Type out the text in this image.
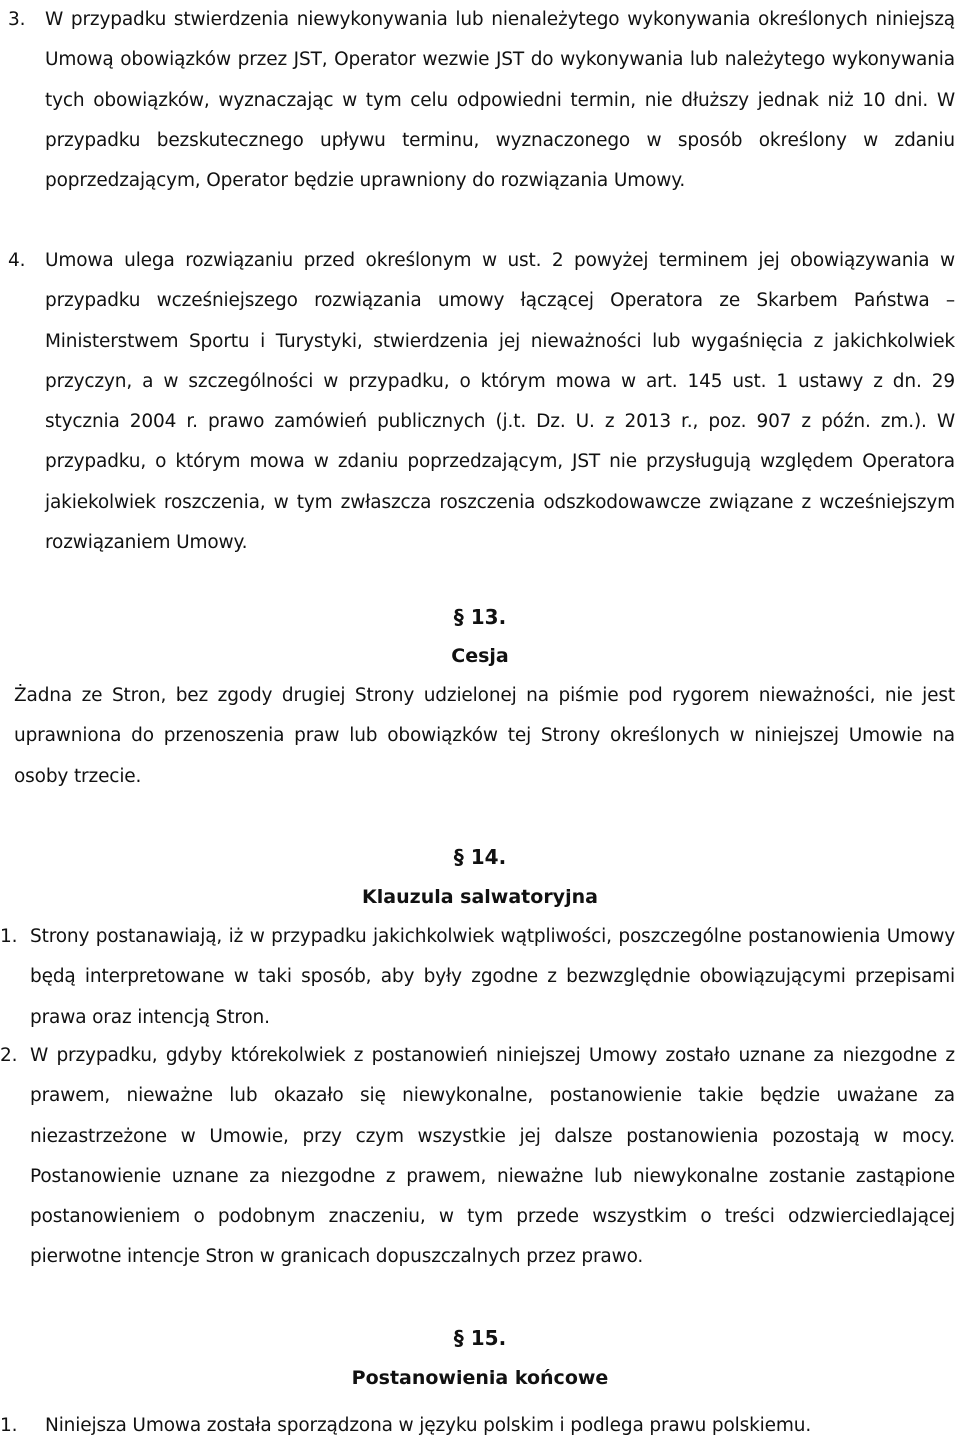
3. W przypadku stwierdzenia niewykonywania lub nienależytego wykonywania określonych niniejszą Umową obowiązków przez JST, Operator wezwie JST do wykonywania lub należytego wykonywania tych obowiązków, wyznaczając w tym celu odpowiedni termin, nie dłuższy jednak niż 10 dni. W przypadku bezskutecznego upływu terminu, wyznaczonego w sposób określony w zdaniu poprzedzającym, Operator będzie uprawniony do rozwiązania Umowy.
4. Umowa ulega rozwiązaniu przed określonym w ust. 2 powyżej terminem jej obowiązywania w przypadku wcześniejszego rozwiązania umowy łączącej Operatora ze Skarbem Państwa – Ministerstwem Sportu i Turystyki, stwierdzenia jej nieważności lub wygaśnięcia z jakichkolwiek przyczyn, a w szczególności w przypadku, o którym mowa w art. 145 ust. 1 ustawy z dn. 29 stycznia 2004 r. prawo zamówień publicznych (j.t. Dz. U. z 2013 r., poz. 907 z późn. zm.). W przypadku, o którym mowa w zdaniu poprzedzającym, JST nie przysługują względem Operatora jakiekolwiek roszczenia, w tym zwłaszcza roszczenia odszkodowawcze związane z wcześniejszym rozwiązaniem Umowy.
§ 13.
Cesja
Żadna ze Stron, bez zgody drugiej Strony udzielonej na piśmie pod rygorem nieważności, nie jest uprawniona do przenoszenia praw lub obowiązków tej Strony określonych w niniejszej Umowie na osoby trzecie.
§ 14.
Klauzula salwatoryjna
1. Strony postanawiają, iż w przypadku jakichkolwiek wątpliwości, poszczególne postanowienia Umowy będą interpretowane w taki sposób, aby były zgodne z bezwzględnie obowiązującymi przepisami prawa oraz intencją Stron.
2. W przypadku, gdyby którekolwiek z postanowień niniejszej Umowy zostało uznane za niezgodne z prawem, nieważne lub okazało się niewykonalne, postanowienie takie będzie uważane za niezastrzeżone w Umowie, przy czym wszystkie jej dalsze postanowienia pozostają w mocy. Postanowienie uznane za niezgodne z prawem, nieważne lub niewykonalne zostanie zastąpione postanowieniem o podobnym znaczeniu, w tym przede wszystkim o treści odzwierciedlającej pierwotne intencje Stron w granicach dopuszczalnych przez prawo.
§ 15.
Postanowienia końcowe
1. Niniejsza Umowa została sporządzona w języku polskim i podlega prawu polskiemu.
